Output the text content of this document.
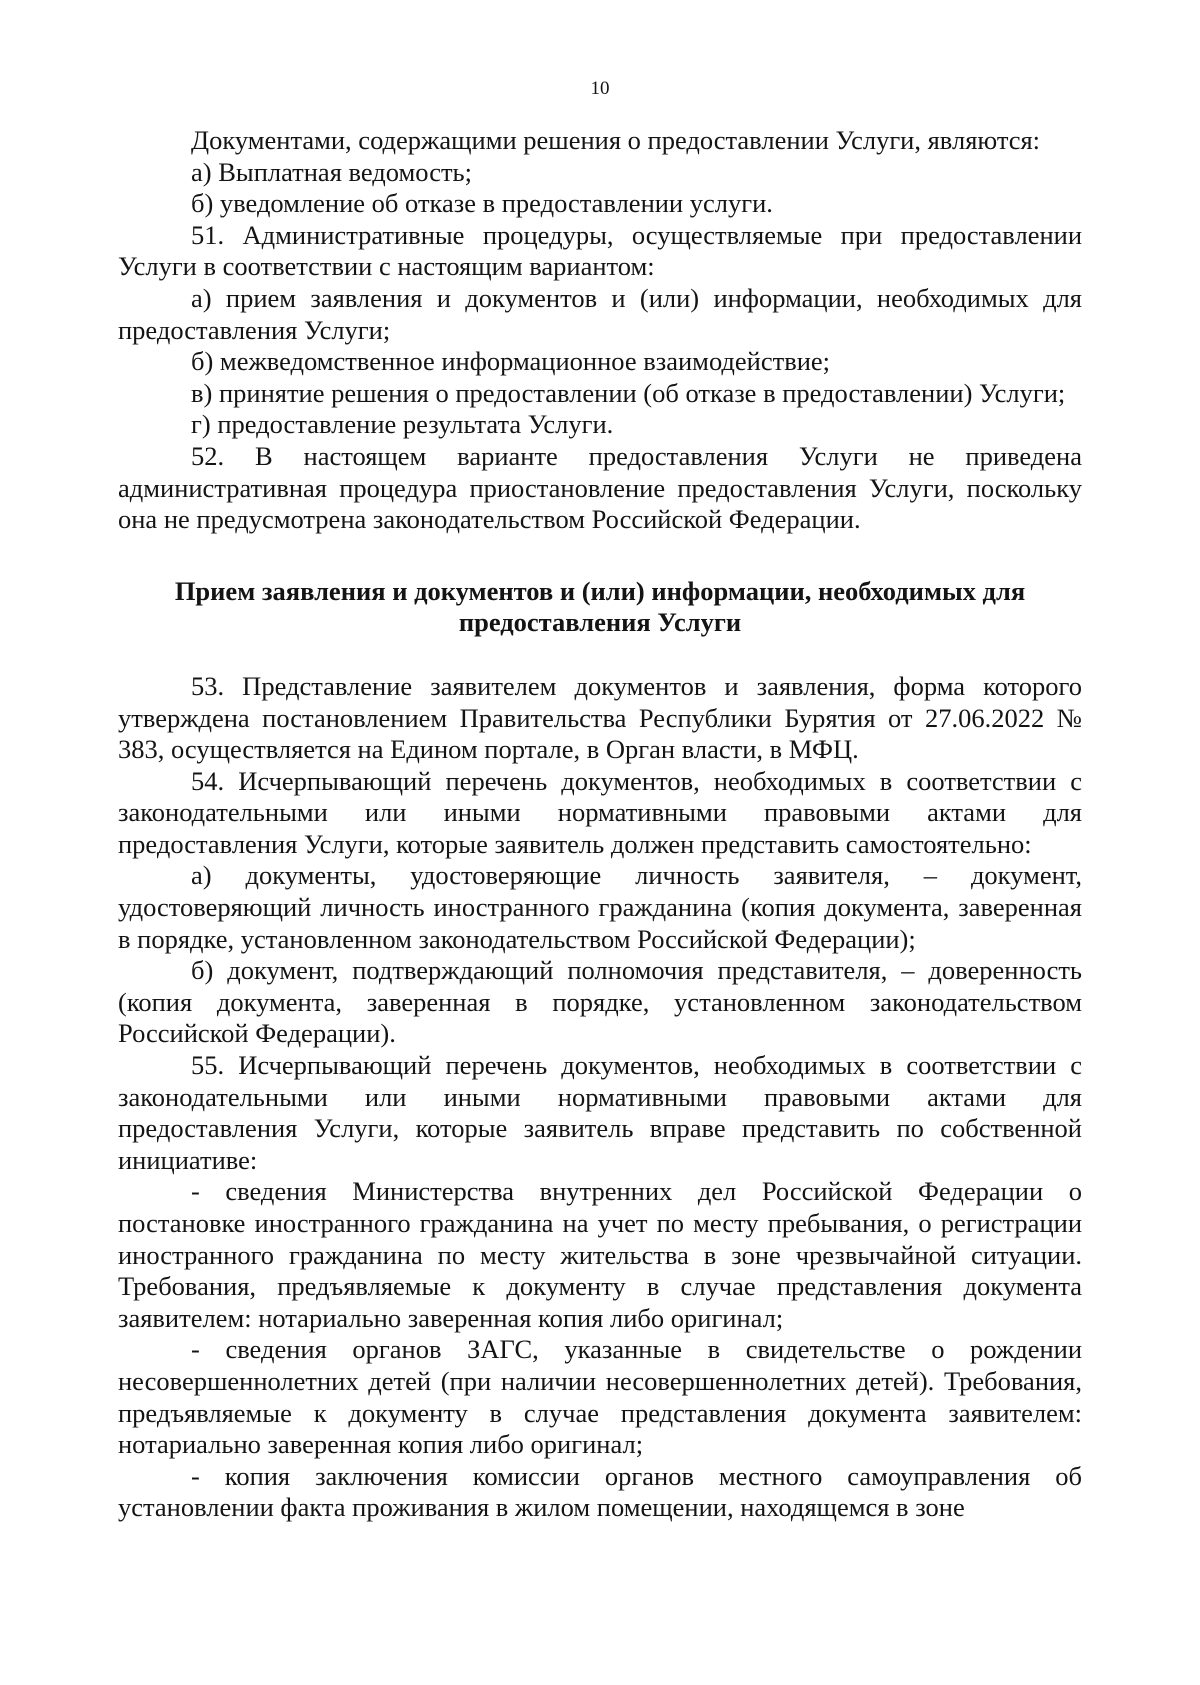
10

Документами, содержащими решения о предоставлении Услуги, являются:

а) Выплатная ведомость;

б) уведомление об отказе в предоставлении услуги.

51. Административные процедуры, осуществляемые при предоставлении Услуги в соответствии с настоящим вариантом:

а) прием заявления и документов и (или) информации, необходимых для предоставления Услуги;

б) межведомственное информационное взаимодействие;

в) принятие решения о предоставлении (об отказе в предоставлении) Услуги;

г) предоставление результата Услуги.

52. В настоящем варианте предоставления Услуги не приведена административная процедура приостановление предоставления Услуги, поскольку она не предусмотрена законодательством Российской Федерации.

Прием заявления и документов и (или) информации, необходимых для предоставления Услуги

53. Представление заявителем документов и заявления, форма которого утверждена постановлением Правительства Республики Бурятия от 27.06.2022 № 383, осуществляется на Едином портале, в Орган власти, в МФЦ.

54. Исчерпывающий перечень документов, необходимых в соответствии с законодательными или иными нормативными правовыми актами для предоставления Услуги, которые заявитель должен представить самостоятельно:

а) документы, удостоверяющие личность заявителя, – документ, удостоверяющий личность иностранного гражданина (копия документа, заверенная в порядке, установленном законодательством Российской Федерации);

б) документ, подтверждающий полномочия представителя, – доверенность (копия документа, заверенная в порядке, установленном законодательством Российской Федерации).

55. Исчерпывающий перечень документов, необходимых в соответствии с законодательными или иными нормативными правовыми актами для предоставления Услуги, которые заявитель вправе представить по собственной инициативе:

- сведения Министерства внутренних дел Российской Федерации о постановке иностранного гражданина на учет по месту пребывания, о регистрации иностранного гражданина по месту жительства в зоне чрезвычайной ситуации. Требования, предъявляемые к документу в случае представления документа заявителем: нотариально заверенная копия либо оригинал;

- сведения органов ЗАГС, указанные в свидетельстве о рождении несовершеннолетних детей (при наличии несовершеннолетних детей). Требования, предъявляемые к документу в случае представления документа заявителем: нотариально заверенная копия либо оригинал;

- копия заключения комиссии органов местного самоуправления об установлении факта проживания в жилом помещении, находящемся в зоне
